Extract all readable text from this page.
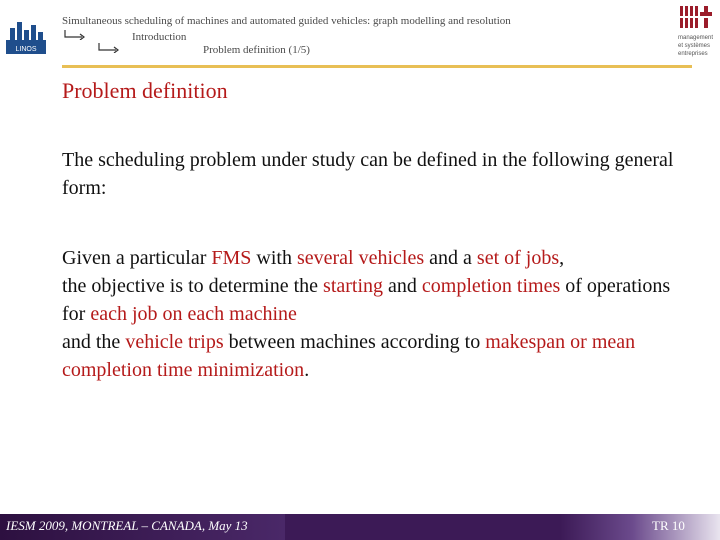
LINOS
Simultaneous scheduling of machines and automated guided vehicles: graph modelling and resolution
Introduction
Problem definition (1/5)
management
et systèmes
entreprises
Problem definition
The scheduling problem under study can be defined in the following general form:
Given a particular FMS with several vehicles and a set of jobs,
the objective is to determine the starting and completion times of operations for each job on each machine
and the vehicle trips between machines according to makespan or mean completion time minimization.
IESM 2009, MONTREAL – CANADA, May 13	TR 10
